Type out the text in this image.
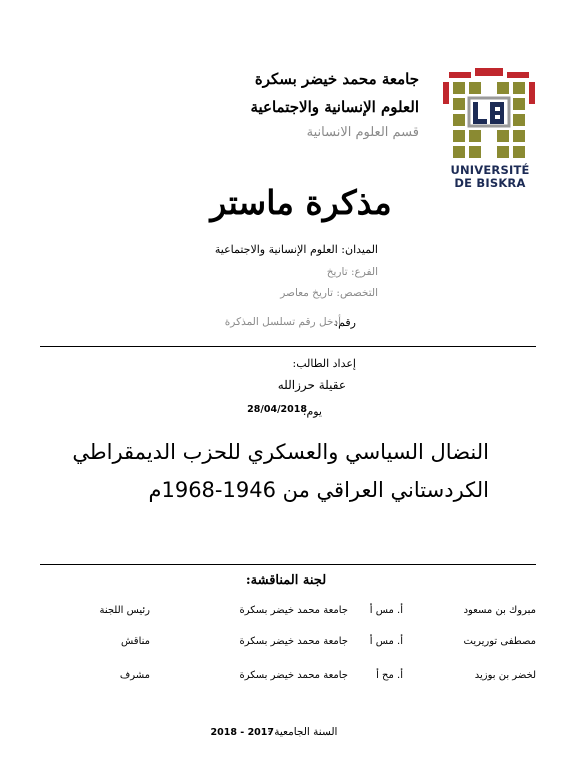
جامعة محمد خيضر بسكرة
العلوم الإنسانية والاجتماعية
قسم العلوم الانسانية
UNIVERSITÉ
DE BISKRA
مذكرة ماستر
الميدان: العلوم الإنسانية والاجتماعية
الفرع: تاريخ
التخصص: تاريخ معاصر
رقم:
أدخل رقم تسلسل المذكرة
إعداد الطالب:
عقيلة حرزالله
يوم:
28/04/2018
النضال السياسي والعسكري للحزب الديمقراطي
الكردستاني العراقي من 1946-1968م
لجنة المناقشة:
مبروك بن مسعود
أ. مس أ
جامعة محمد خيضر بسكرة
رئيس اللجنة
مصطفى توريريت
أ. مس أ
جامعة محمد خيضر بسكرة
مناقش
لخضر بن بوزيد
أ. مح أ
جامعة محمد خيضر بسكرة
مشرف
السنة الجامعية : 2017 - 2018
